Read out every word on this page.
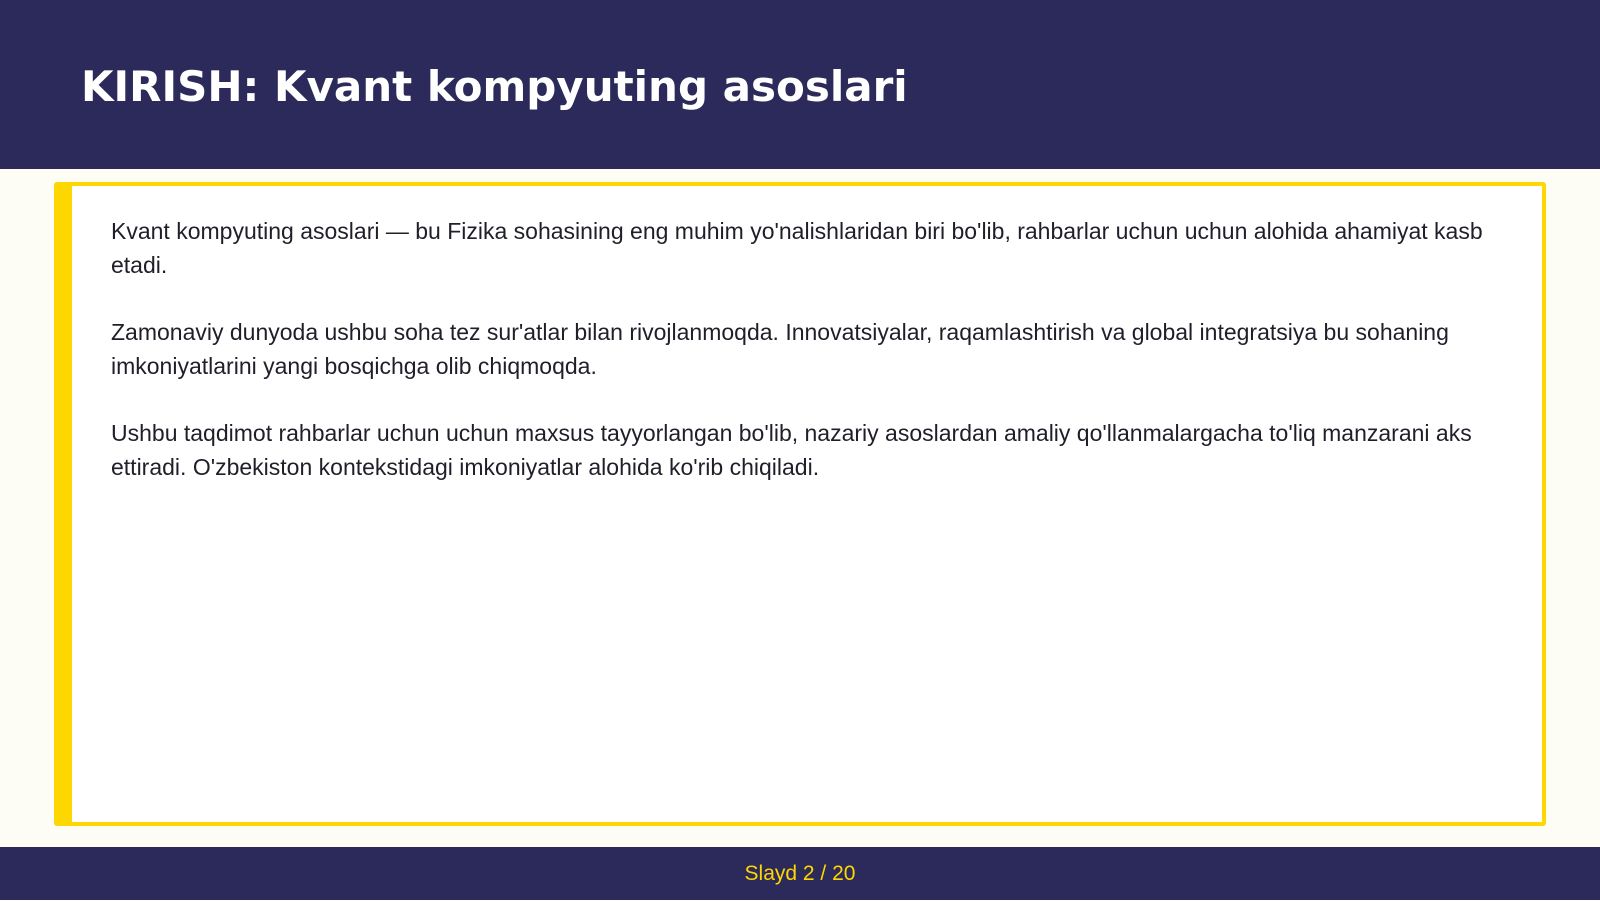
KIRISH: Kvant kompyuting asoslari

Kvant kompyuting asoslari — bu Fizika sohasining eng muhim yo'nalishlaridan biri bo'lib, rahbarlar uchun uchun alohida ahamiyat kasb etadi.

Zamonaviy dunyoda ushbu soha tez sur'atlar bilan rivojlanmoqda. Innovatsiyalar, raqamlashtirish va global integratsiya bu sohaning imkoniyatlarini yangi bosqichga olib chiqmoqda.

Ushbu taqdimot rahbarlar uchun uchun maxsus tayyorlangan bo'lib, nazariy asoslardan amaliy qo'llanmalargacha to'liq manzarani aks ettiradi. O'zbekiston kontekstidagi imkoniyatlar alohida ko'rib chiqiladi.

Slayd 2 / 20
